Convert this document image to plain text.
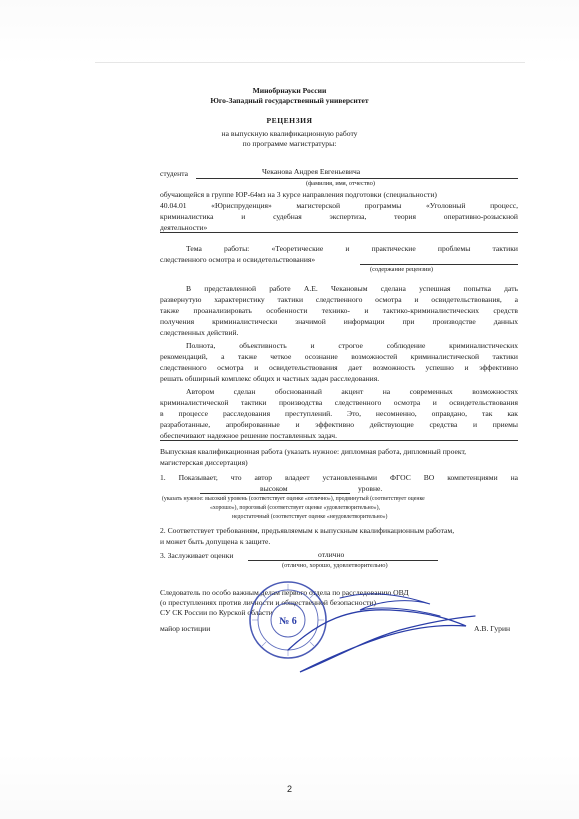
Минобрнауки России
Юго-Западный государственный университет
РЕЦЕНЗИЯ
на выпускную квалификационную работу
по программе магистратуры:
студента	Чеканова Андрея Евгеньевича
(фамилия, имя, отчество)
обучающейся в группе ЮР-64мз на 3 курсе направления подготовки (специальности)
40.04.01 «Юриспруденция» магистерской программы «Уголовный процесс,
криминалистика и судебная экспертиза, теория оперативно-розыскной
деятельности»
Тема работы: «Теоретические и практические проблемы тактики
следственного осмотра и освидетельствования»
(содержание рецензии)
В представленной работе А.Е. Чекановым сделана успешная попытка дать
развернутую характеристику тактики следственного осмотра и освидетельствования, а
также проанализировать особенности технико- и тактико-криминалистических средств
получения криминалистически значимой информации при производстве данных
следственных действий.
Полнота, объективность и строгое соблюдение криминалистических
рекомендаций, а также четкое осознание возможностей криминалистической тактики
следственного осмотра и освидетельствования дает возможность успешно и эффективно
решать обширный комплекс общих и частных задач расследования.
Автором сделан обоснованный акцент на современных возможностях
криминалистической тактики производства следственного осмотра и освидетельствования
в процессе расследования преступлений. Это, несомненно, оправдано, так как
разработанные, апробированные и эффективно действующие средства и приемы
обеспечивают надежное решение поставленных задач.
Выпускная квалификационная работа (указать нужное: дипломная работа, дипломный проект,
магистерская диссертация)
1. Показывает, что автор владеет установленными ФГОС ВО компетенциями на
высоком	уровне.
(указать нужное: высокий уровень (соответствует оценке «отлично»), продвинутый (соответствует оценке
«хорошо»), пороговый (соответствует оценке «удовлетворительно»),
недостаточный (соответствует оценке «неудовлетворительно»)
2. Соответствует требованиям, предъявляемым к выпускным квалификационным работам,
и может быть допущена к защите.
3. Заслуживает оценки	отлично
(отлично, хорошо, удовлетворительно)
Следователь по особо важным делам первого отдела по расследованию ОВД
(о преступлениях против личности и общественной безопасности)
СУ СК России по Курской области
майор юстиции	А.В. Гурин
№ 6
2
